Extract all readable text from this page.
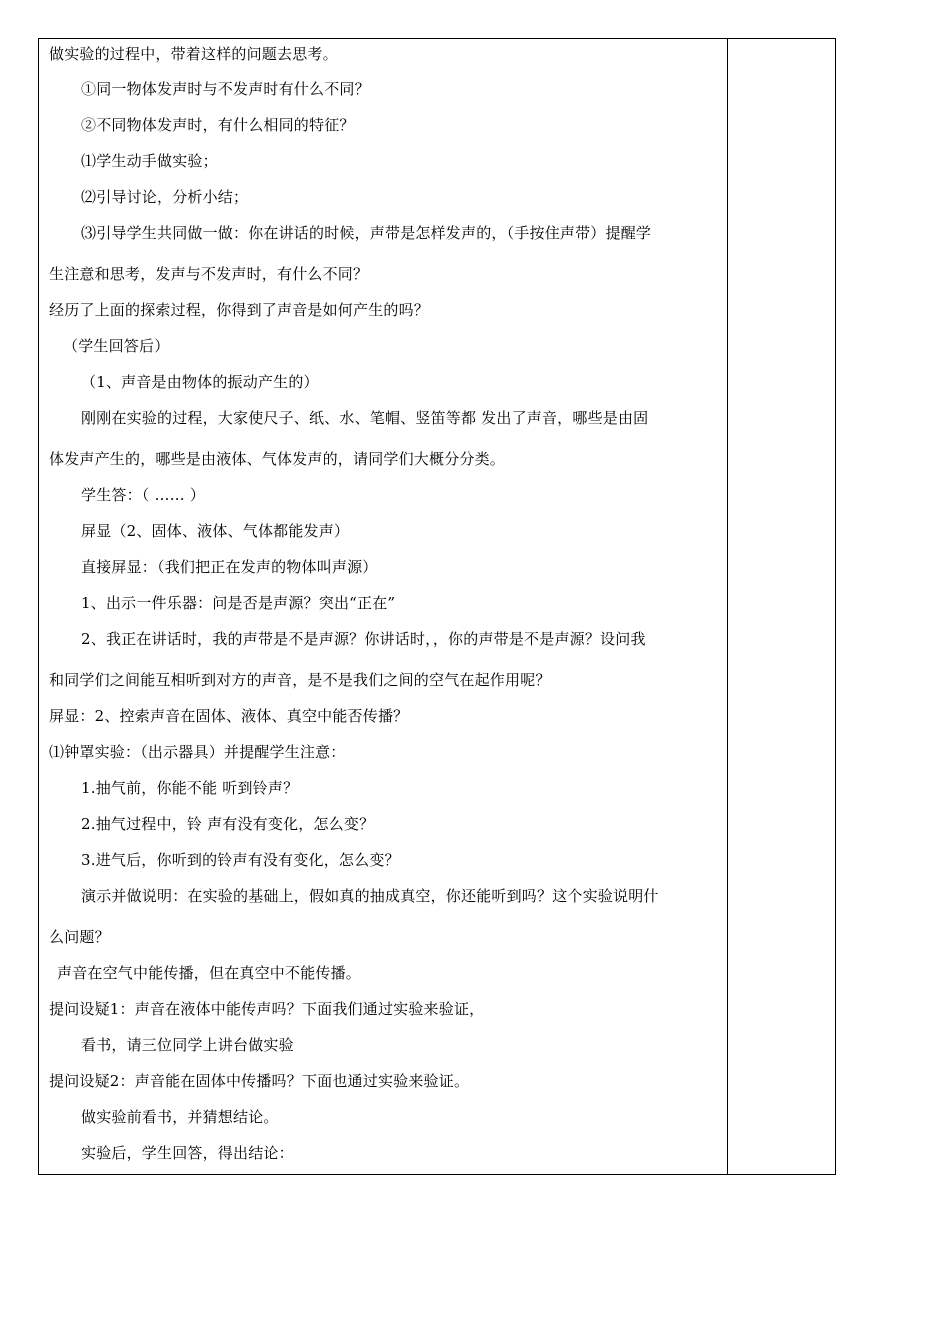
做实验的过程中，带着这样的问题去思考。
①同一物体发声时与不发声时有什么不同？
②不同物体发声时，有什么相同的特征？
⑴学生动手做实验；
⑵引导讨论，分析小结；
⑶引导学生共同做一做：你在讲话的时候，声带是怎样发声的，（手按住声带）提醒学
生注意和思考，发声与不发声时，有什么不同？
经历了上面的探索过程，你得到了声音是如何产生的吗？
（学生回答后）
（1、声音是由物体的振动产生的）
刚刚在实验的过程，大家使尺子、纸、水、笔帽、竖笛等都 发出了声音，哪些是由固
体发声产生的，哪些是由液体、气体发声的，请同学们大概分分类。
学生答：（ …… ）
屏显（2、固体、液体、气体都能发声）
直接屏显：（我们把正在发声的物体叫声源）
1、出示一件乐器：问是否是声源？突出“正在”
2、我正在讲话时，我的声带是不是声源？你讲话时，，你的声带是不是声源？设问我
和同学们之间能互相听到对方的声音，是不是我们之间的空气在起作用呢？
屏显：2、控索声音在固体、液体、真空中能否传播？
⑴钟罩实验：（出示器具）并提醒学生注意：
1.抽气前，你能不能 听到铃声？
2.抽气过程中，铃 声有没有变化，怎么变？
3.进气后，你听到的铃声有没有变化，怎么变？
演示并做说明：在实验的基础上，假如真的抽成真空，你还能听到吗？这个实验说明什
么问题？
声音在空气中能传播，但在真空中不能传播。
提问设疑1：声音在液体中能传声吗？下面我们通过实验来验证，
看书，请三位同学上讲台做实验
提问设疑2：声音能在固体中传播吗？下面也通过实验来验证。
做实验前看书，并猜想结论。
实验后，学生回答，得出结论：
